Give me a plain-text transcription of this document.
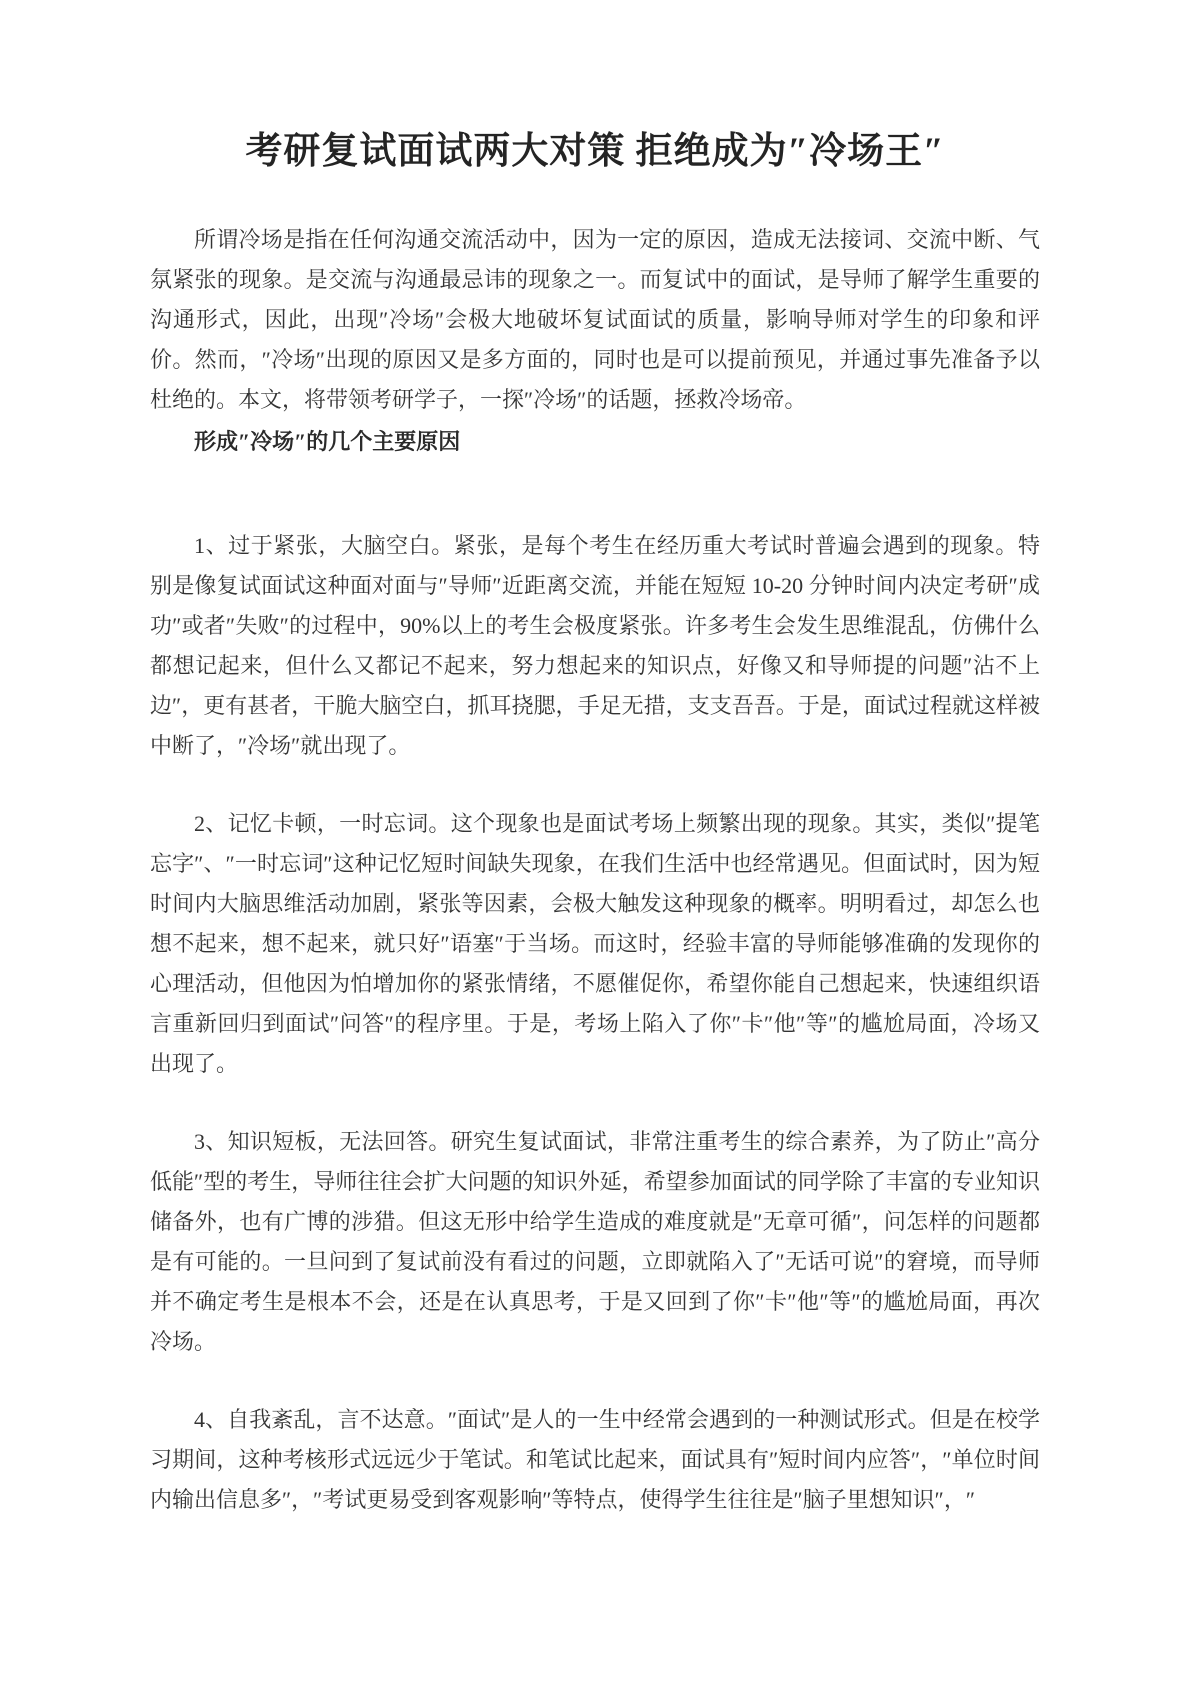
考研复试面试两大对策 拒绝成为″冷场王″

所谓冷场是指在任何沟通交流活动中，因为一定的原因，造成无法接词、交流中断、气氛紧张的现象。是交流与沟通最忌讳的现象之一。而复试中的面试，是导师了解学生重要的沟通形式，因此，出现″冷场″会极大地破坏复试面试的质量，影响导师对学生的印象和评价。然而，″冷场″出现的原因又是多方面的，同时也是可以提前预见，并通过事先准备予以杜绝的。本文，将带领考研学子，一探″冷场″的话题，拯救冷场帝。

形成″冷场″的几个主要原因

1、过于紧张，大脑空白。紧张，是每个考生在经历重大考试时普遍会遇到的现象。特别是像复试面试这种面对面与″导师″近距离交流，并能在短短 10-20 分钟时间内决定考研″成功″或者″失败″的过程中，90%以上的考生会极度紧张。许多考生会发生思维混乱，仿佛什么都想记起来，但什么又都记不起来，努力想起来的知识点，好像又和导师提的问题″沾不上边″，更有甚者，干脆大脑空白，抓耳挠腮，手足无措，支支吾吾。于是，面试过程就这样被中断了，″冷场″就出现了。

2、记忆卡顿，一时忘词。这个现象也是面试考场上频繁出现的现象。其实，类似″提笔忘字″、″一时忘词″这种记忆短时间缺失现象，在我们生活中也经常遇见。但面试时，因为短时间内大脑思维活动加剧，紧张等因素，会极大触发这种现象的概率。明明看过，却怎么也想不起来，想不起来，就只好″语塞″于当场。而这时，经验丰富的导师能够准确的发现你的心理活动，但他因为怕增加你的紧张情绪，不愿催促你，希望你能自己想起来，快速组织语言重新回归到面试″问答″的程序里。于是，考场上陷入了你″卡″他″等″的尴尬局面，冷场又出现了。

3、知识短板，无法回答。研究生复试面试，非常注重考生的综合素养，为了防止″高分低能″型的考生，导师往往会扩大问题的知识外延，希望参加面试的同学除了丰富的专业知识储备外，也有广博的涉猎。但这无形中给学生造成的难度就是″无章可循″，问怎样的问题都是有可能的。一旦问到了复试前没有看过的问题，立即就陷入了″无话可说″的窘境，而导师并不确定考生是根本不会，还是在认真思考，于是又回到了你″卡″他″等″的尴尬局面，再次冷场。

4、自我紊乱，言不达意。″面试″是人的一生中经常会遇到的一种测试形式。但是在校学习期间，这种考核形式远远少于笔试。和笔试比起来，面试具有″短时间内应答″，″单位时间内输出信息多″，″考试更易受到客观影响″等特点，使得学生往往是″脑子里想知识″，″
